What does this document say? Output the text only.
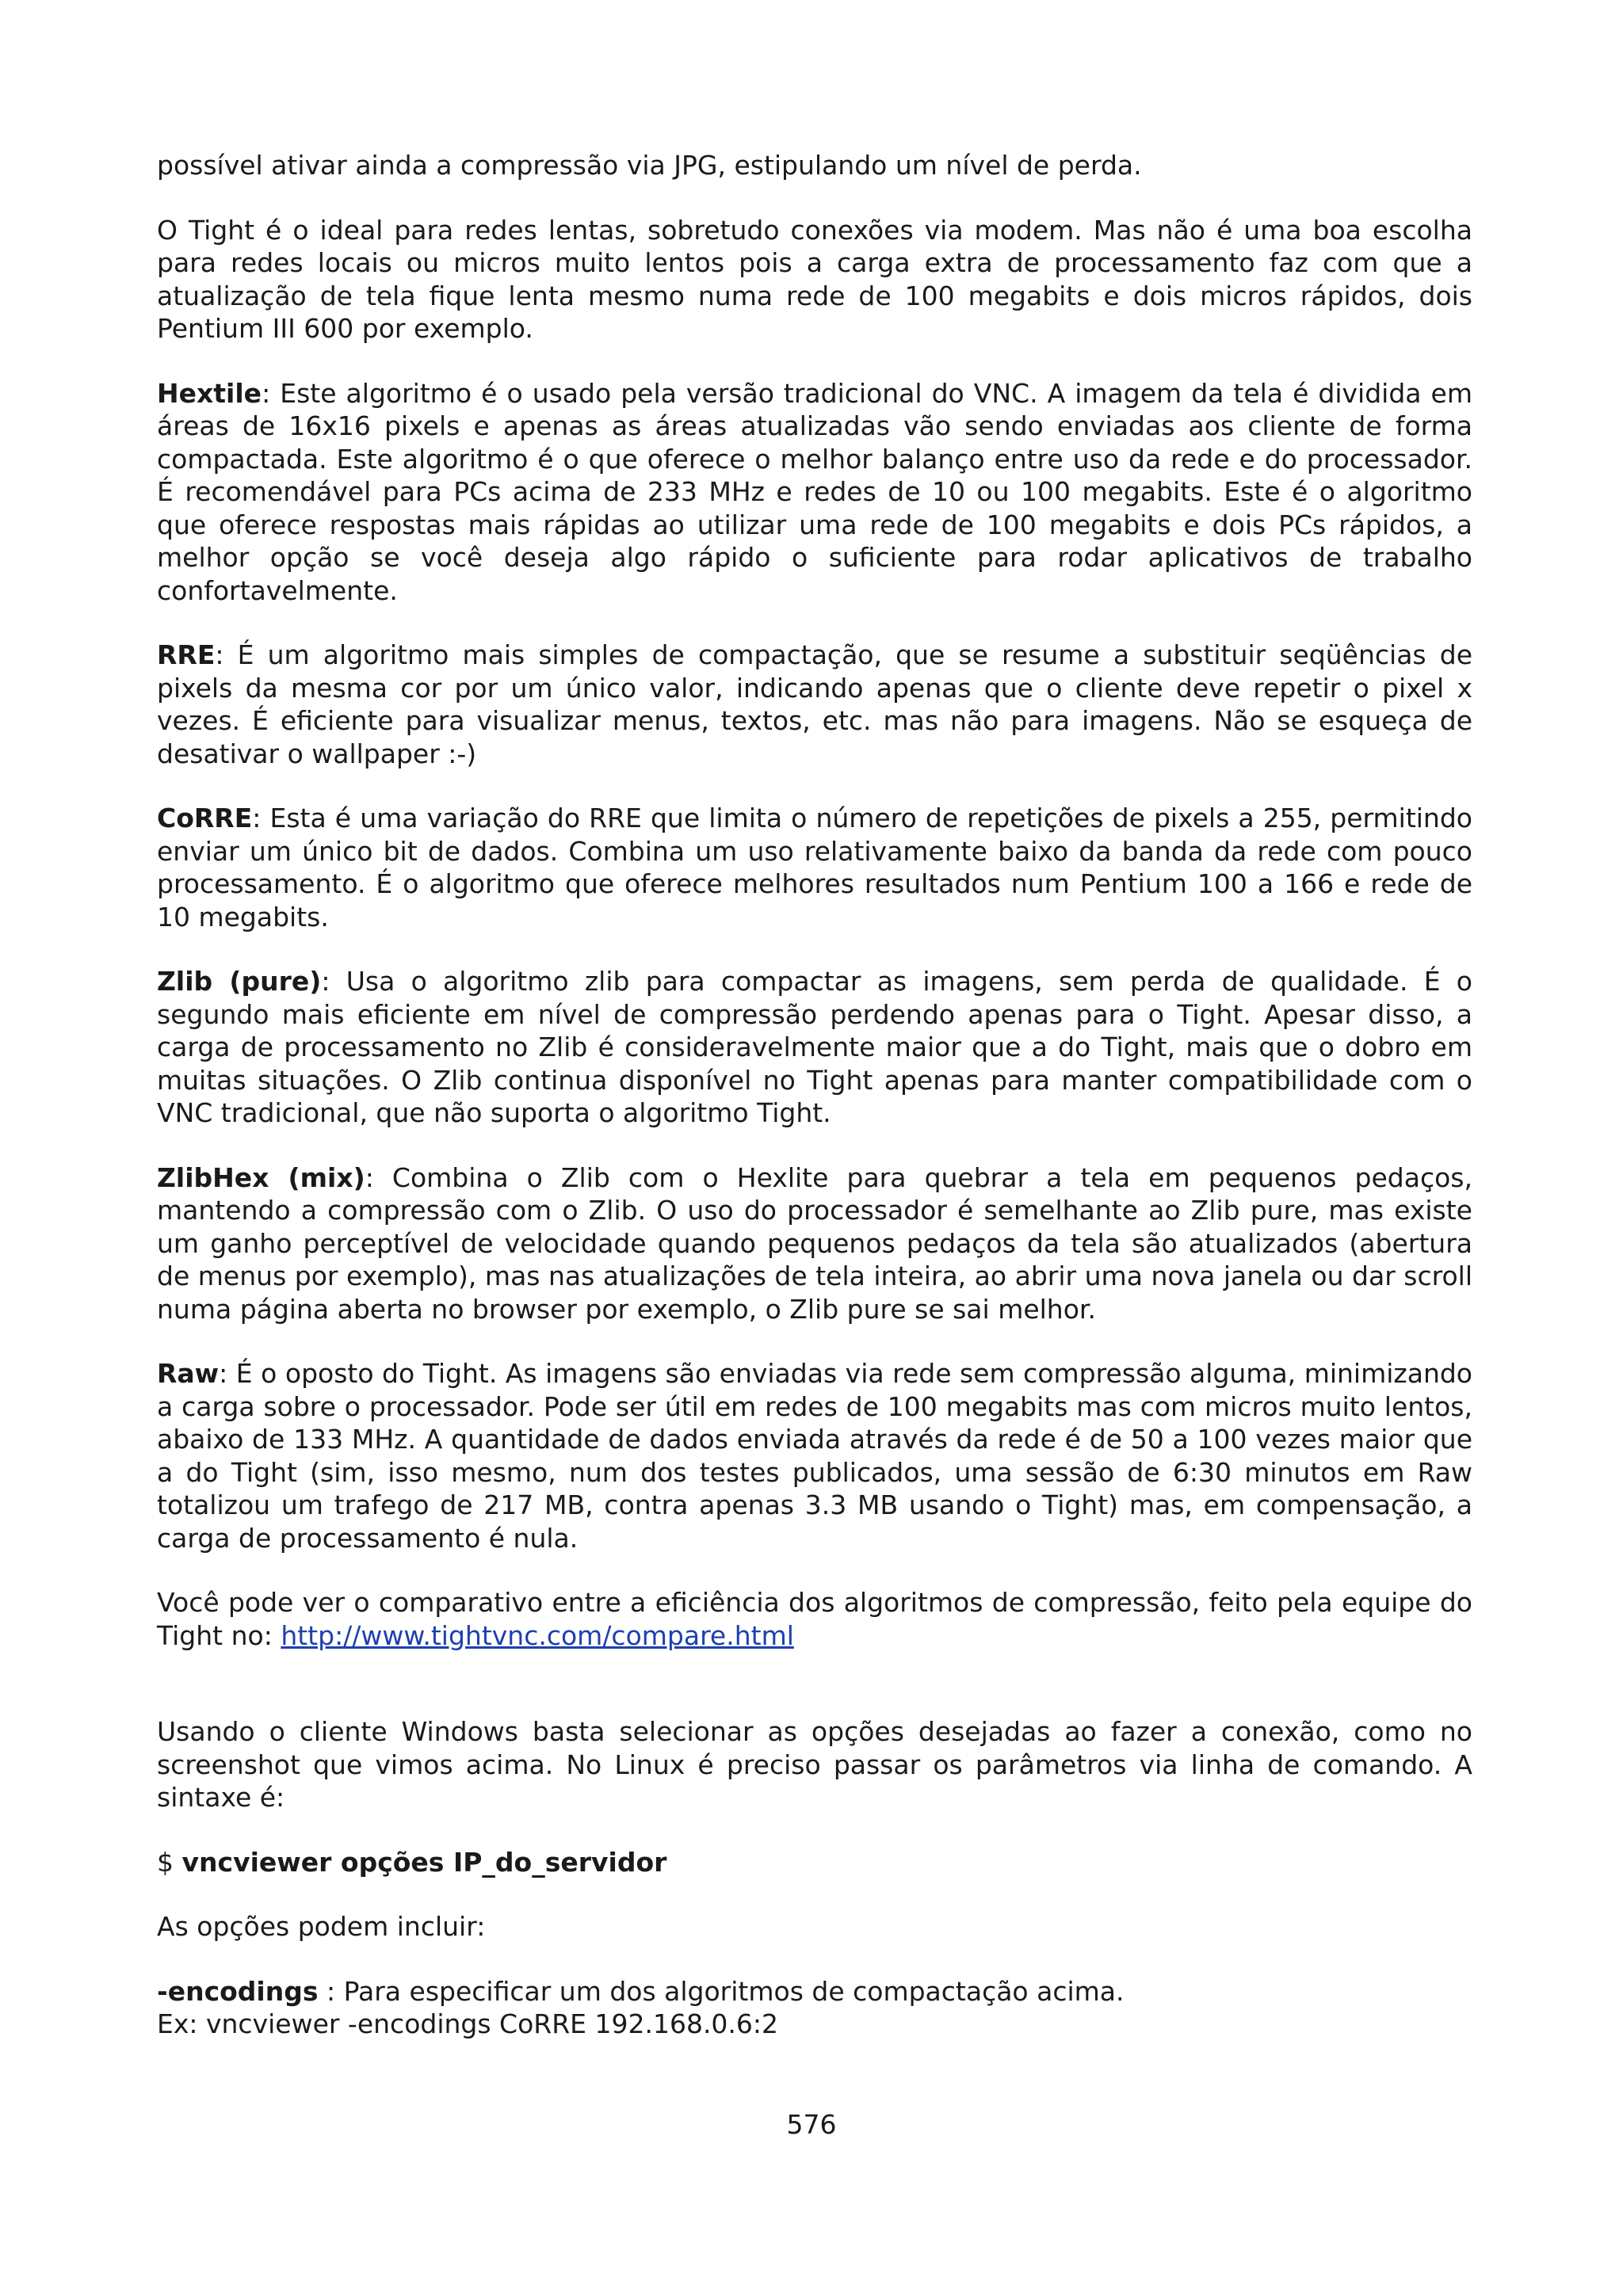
possível ativar ainda a compressão via JPG, estipulando um nível de perda.

O Tight é o ideal para redes lentas, sobretudo conexões via modem. Mas não é uma boa escolha para redes locais ou micros muito lentos pois a carga extra de processamento faz com que a atualização de tela fique lenta mesmo numa rede de 100 megabits e dois micros rápidos, dois Pentium III 600 por exemplo.

Hextile: Este algoritmo é o usado pela versão tradicional do VNC. A imagem da tela é dividida em áreas de 16x16 pixels e apenas as áreas atualizadas vão sendo enviadas aos cliente de forma compactada. Este algoritmo é o que oferece o melhor balanço entre uso da rede e do processador. É recomendável para PCs acima de 233 MHz e redes de 10 ou 100 megabits. Este é o algoritmo que oferece respostas mais rápidas ao utilizar uma rede de 100 megabits e dois PCs rápidos, a melhor opção se você deseja algo rápido o suficiente para rodar aplicativos de trabalho confortavelmente.

RRE: É um algoritmo mais simples de compactação, que se resume a substituir seqüências de pixels da mesma cor por um único valor, indicando apenas que o cliente deve repetir o pixel x vezes. É eficiente para visualizar menus, textos, etc. mas não para imagens. Não se esqueça de desativar o wallpaper :-)

CoRRE: Esta é uma variação do RRE que limita o número de repetições de pixels a 255, permitindo enviar um único bit de dados. Combina um uso relativamente baixo da banda da rede com pouco processamento. É o algoritmo que oferece melhores resultados num Pentium 100 a 166 e rede de 10 megabits.

Zlib (pure): Usa o algoritmo zlib para compactar as imagens, sem perda de qualidade. É o segundo mais eficiente em nível de compressão perdendo apenas para o Tight. Apesar disso, a carga de processamento no Zlib é consideravelmente maior que a do Tight, mais que o dobro em muitas situações. O Zlib continua disponível no Tight apenas para manter compatibilidade com o VNC tradicional, que não suporta o algoritmo Tight.

ZlibHex (mix): Combina o Zlib com o Hexlite para quebrar a tela em pequenos pedaços, mantendo a compressão com o Zlib. O uso do processador é semelhante ao Zlib pure, mas existe um ganho perceptível de velocidade quando pequenos pedaços da tela são atualizados (abertura de menus por exemplo), mas nas atualizações de tela inteira, ao abrir uma nova janela ou dar scroll numa página aberta no browser por exemplo, o Zlib pure se sai melhor.

Raw: É o oposto do Tight. As imagens são enviadas via rede sem compressão alguma, minimizando a carga sobre o processador. Pode ser útil em redes de 100 megabits mas com micros muito lentos, abaixo de 133 MHz. A quantidade de dados enviada através da rede é de 50 a 100 vezes maior que a do Tight (sim, isso mesmo, num dos testes publicados, uma sessão de 6:30 minutos em Raw totalizou um trafego de 217 MB, contra apenas 3.3 MB usando o Tight) mas, em compensação, a carga de processamento é nula.

Você pode ver o comparativo entre a eficiência dos algoritmos de compressão, feito pela equipe do Tight no: http://www.tightvnc.com/compare.html

Usando o cliente Windows basta selecionar as opções desejadas ao fazer a conexão, como no screenshot que vimos acima. No Linux é preciso passar os parâmetros via linha de comando. A sintaxe é:

$ vncviewer opções IP_do_servidor

As opções podem incluir:

-encodings : Para especificar um dos algoritmos de compactação acima.

Ex: vncviewer -encodings CoRRE 192.168.0.6:2

576
